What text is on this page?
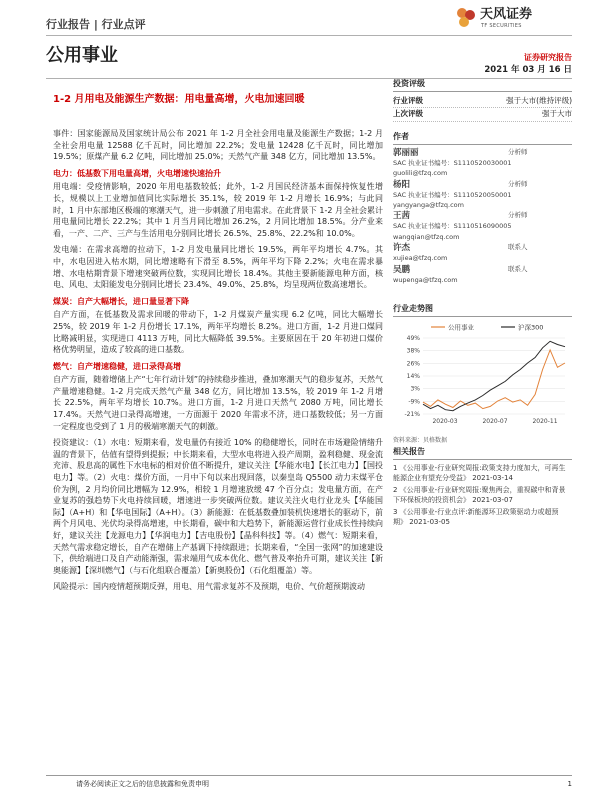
行业报告 | 行业点评
天风证券
TF SECURITIES
公用事业	证券研究报告
2021 年 03 月 16 日
1-2 月用电及能源生产数据：用电量高增，火电加速回暖

事件：国家能源局及国家统计局公布 2021 年 1-2 月全社会用电量及能源生产数据；1-2 月全社会用电量 12588 亿千瓦时，同比增加 22.2%；发电量 12428 亿千瓦时，同比增加 19.5%；原煤产量 6.2 亿吨，同比增加 25.0%；天然气产量 348 亿方，同比增加 13.5%。

电力：低基数下用电量高增，火电增速快速抬升

用电端：受疫情影响，2020 年用电基数较低；此外，1-2 月国民经济基本面保持恢复性增长，规模以上工业增加值同比实际增长 35.1%，较 2019 年 1-2 月增长 16.9%；与此同时，1 月中东部地区极端的寒潮天气，进一步刺激了用电需求。在此背景下 1-2 月全社会累计用电量同比增长 22.2%；其中 1 月当月同比增加 26.2%，2 月同比增加 18.5%。分产业来看，一产、二产、三产与生活用电分别同比增长 26.5%、25.8%、22.2%和 10.0%。

发电端：在需求高增的拉动下，1-2 月发电量同比增长 19.5%，两年平均增长 4.7%。其中，水电因进入枯水期，同比增速略有下滑至 8.5%，两年平均下降 2.2%；火电在需求暴增、水电枯期背景下增速突破两位数，实现同比增长 18.4%。其他主要新能源电种方面，核电、风电、太阳能发电分别同比增长 23.4%、49.0%、25.8%，均呈现两位数高速增长。

煤炭：自产大幅增长，进口量显著下降

自产方面，在低基数及需求回暖的带动下，1-2 月煤炭产量实现 6.2 亿吨，同比大幅增长 25%，较 2019 年 1-2 月份增长 17.1%，两年平均增长 8.2%。进口方面，1-2 月进口煤同比略减明显，实现进口 4113 万吨，同比大幅降低 39.5%。主要原因在于 20 年初进口煤价格优势明显，造成了较高的进口基数。

燃气：自产增速稳健，进口录得高增

自产方面，随着增储上产“七年行动计划”的持续稳步推进，叠加寒潮天气的稳步复苏，天然气产量增速稳健。1-2 月完成天然气产量 348 亿方，同比增加 13.5%，较 2019 年 1-2 月增长 22.5%，两年平均增长 10.7%。进口方面，1-2 月进口天然气 2080 万吨，同比增长 17.4%。天然气进口录得高增速，一方面源于 2020 年需求不济，进口基数较低；另一方面一定程度也受到了 1 月的极端寒潮天气的刺激。

投资建议：（1）水电：短期来看，发电量仍有接近 10% 的稳健增长，同时在市场避险情绪升温的背景下，估值有望得到提振；中长期来看，大型水电将进入投产周期，盈利稳健、现金流充沛、股息高的属性下水电标的相对价值不断提升，建议关注【华能水电】【长江电力】【国投电力】等。（2）火电：煤价方面，一月中下旬以来出现回落，以秦皇岛 Q5500 动力末煤平仓价为例，2 月均价同比增幅为 12.9%，相较 1 月增速放缓 47 个百分点；发电量方面，在产业复苏的强趋势下火电持续回暖，增速进一步突破两位数。建议关注火电行业龙头【华能国际】（A+H）和【华电国际】（A+H）。（3）新能源：在低基数叠加装机快速增长的驱动下，前两个月风电、光伏均录得高增速，中长期看，碳中和大趋势下，新能源运营行业成长性持续向好，建议关注【龙源电力】【华润电力】【吉电股份】【晶科科技】等。（4）燃气：短期来看，天然气需求稳定增长，自产在增储上产基调下持续跟进；长期来看，“全国一张网”的加速建设下，供给端进口及自产动能渐强，需求端用气成本优化、燃气普及率抬升可期，建议关注【新奥能源】【深圳燃气】（与石化组联合覆盖）【新奥股份】（石化组覆盖）等。

风险提示：国内疫情超预期反弹，用电、用气需求复苏不及预期，电价、气价超预期波动

投资评级
行业评级	强于大市(维持评级)
上次评级	强于大市
作者
郭丽丽	分析师
SAC 执业证书编号：S1110520030001
guolili@tfzq.com
杨阳	分析师
SAC 执业证书编号：S1110520050001
yangyanga@tfzq.com
王茜	分析师
SAC 执业证书编号：S1110516090005
wangqian@tfzq.com
许杰	联系人
xujiea@tfzq.com
吴鹏	联系人
wupenga@tfzq.com
行业走势图
49%
38%
26%
14%
3%
-9%
-21%
2020-03	2020-07	2020-11
公用事业	沪深300
资料来源：贝格数据
相关报告
1 《公用事业-行业研究周报:政策支持力度加大，可再生能源企业有望充分受益》 2021-03-14
2 《公用事业-行业研究周报:聚焦两会，重视碳中和背景下环保板块的投资机会》 2021-03-07
3 《公用事业-行业点评:新能源环卫政策驱动力或超预期》 2021-03-05
请务必阅读正文之后的信息披露和免责申明	1
